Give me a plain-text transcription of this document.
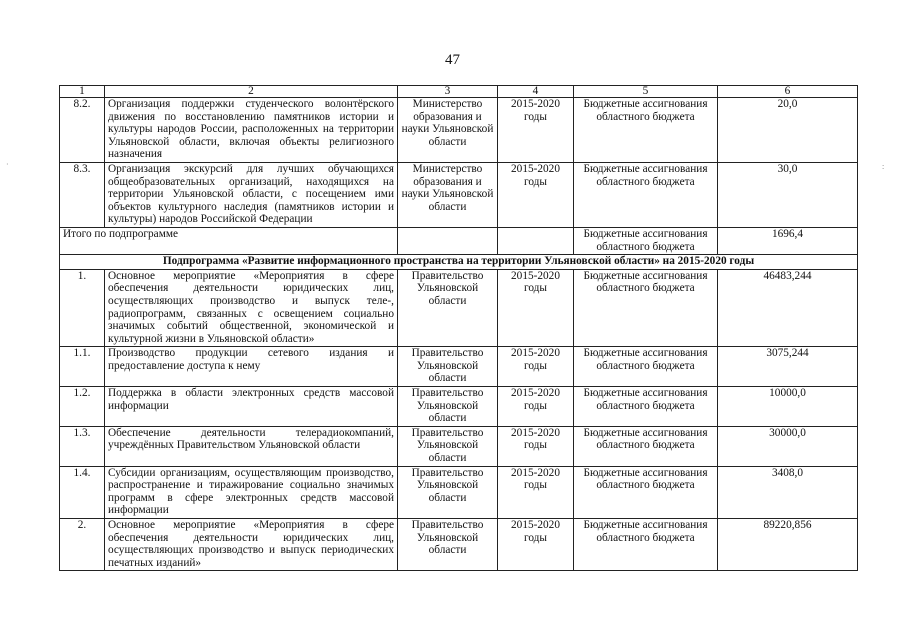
47
1	2	3	4	5	6
8.2.	Организация поддержки студенческого волонтёрского движения по восстановлению памятников истории и культуры народов России, расположенных на территории Ульяновской области, включая объекты религиозного назначения	Министерство образования и науки Ульяновской области	2015-2020 годы	Бюджетные ассигнования областного бюджета	20,0
8.3.	Организация экскурсий для лучших обучающихся общеобразовательных организаций, находящихся на территории Ульяновской области, с посещением ими объектов культурного наследия (памятников истории и культуры) народов Российской Федерации	Министерство образования и науки Ульяновской области	2015-2020 годы	Бюджетные ассигнования областного бюджета	30,0
Итого по подпрограмме				Бюджетные ассигнования областного бюджета	1696,4
Подпрограмма «Развитие информационного пространства на территории Ульяновской области» на 2015-2020 годы					
1.	Основное мероприятие «Мероприятия в сфере обеспечения деятельности юридических лиц, осуществляющих производство и выпуск теле-, радиопрограмм, связанных с освещением социально значимых событий общественной, экономической и культурной жизни в Ульяновской области»	Правительство Ульяновской области	2015-2020 годы	Бюджетные ассигнования областного бюджета	46483,244
1.1.	Производство продукции сетевого издания и предоставление доступа к нему	Правительство Ульяновской области	2015-2020 годы	Бюджетные ассигнования областного бюджета	3075,244
1.2.	Поддержка в области электронных средств массовой информации	Правительство Ульяновской области	2015-2020 годы	Бюджетные ассигнования областного бюджета	10000,0
1.3.	Обеспечение деятельности телерадиокомпаний, учреждённых Правительством Ульяновской области	Правительство Ульяновской области	2015-2020 годы	Бюджетные ассигнования областного бюджета	30000,0
1.4.	Субсидии организациям, осуществляющим производство, распространение и тиражирование социально значимых программ в сфере электронных средств массовой информации	Правительство Ульяновской области	2015-2020 годы	Бюджетные ассигнования областного бюджета	3408,0
2.	Основное мероприятие «Мероприятия в сфере обеспечения деятельности юридических лиц, осуществляющих производство и выпуск периодических печатных изданий»	Правительство Ульяновской области	2015-2020 годы	Бюджетные ассигнования областного бюджета	89220,856
·	:
